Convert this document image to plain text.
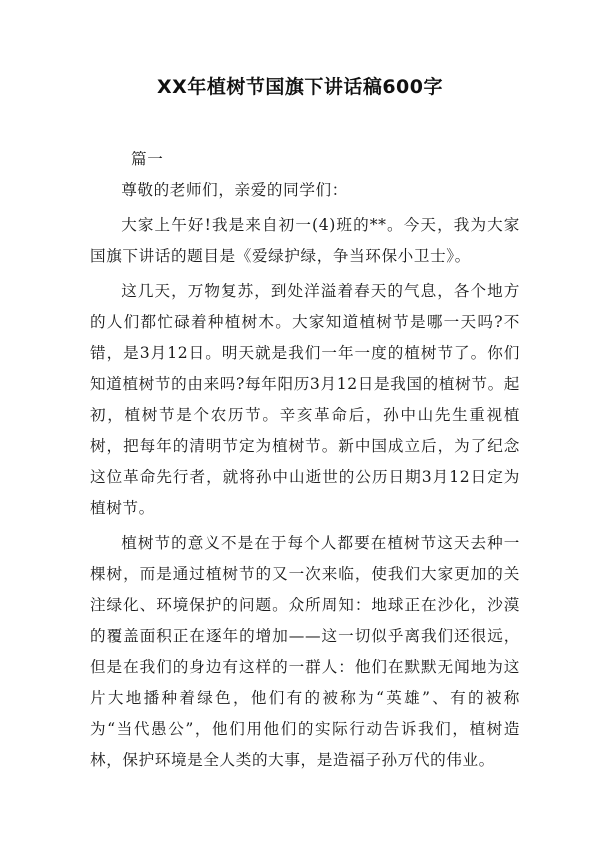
XX年植树节国旗下讲话稿600字

篇一

尊敬的老师们，亲爱的同学们：

大家上午好!我是来自初一(4)班的**。今天，我为大家国旗下讲话的题目是《爱绿护绿，争当环保小卫士》。

这几天，万物复苏，到处洋溢着春天的气息，各个地方的人们都忙碌着种植树木。大家知道植树节是哪一天吗?不错，是3月12日。明天就是我们一年一度的植树节了。你们知道植树节的由来吗?每年阳历3月12日是我国的植树节。起初，植树节是个农历节。辛亥革命后，孙中山先生重视植树，把每年的清明节定为植树节。新中国成立后，为了纪念这位革命先行者，就将孙中山逝世的公历日期3月12日定为植树节。

植树节的意义不是在于每个人都要在植树节这天去种一棵树，而是通过植树节的又一次来临，使我们大家更加的关注绿化、环境保护的问题。众所周知：地球正在沙化，沙漠的覆盖面积正在逐年的增加——这一切似乎离我们还很远，但是在我们的身边有这样的一群人：他们在默默无闻地为这片大地播种着绿色，他们有的被称为“英雄”、有的被称为“当代愚公”，他们用他们的实际行动告诉我们，植树造林，保护环境是全人类的大事，是造福子孙万代的伟业。
